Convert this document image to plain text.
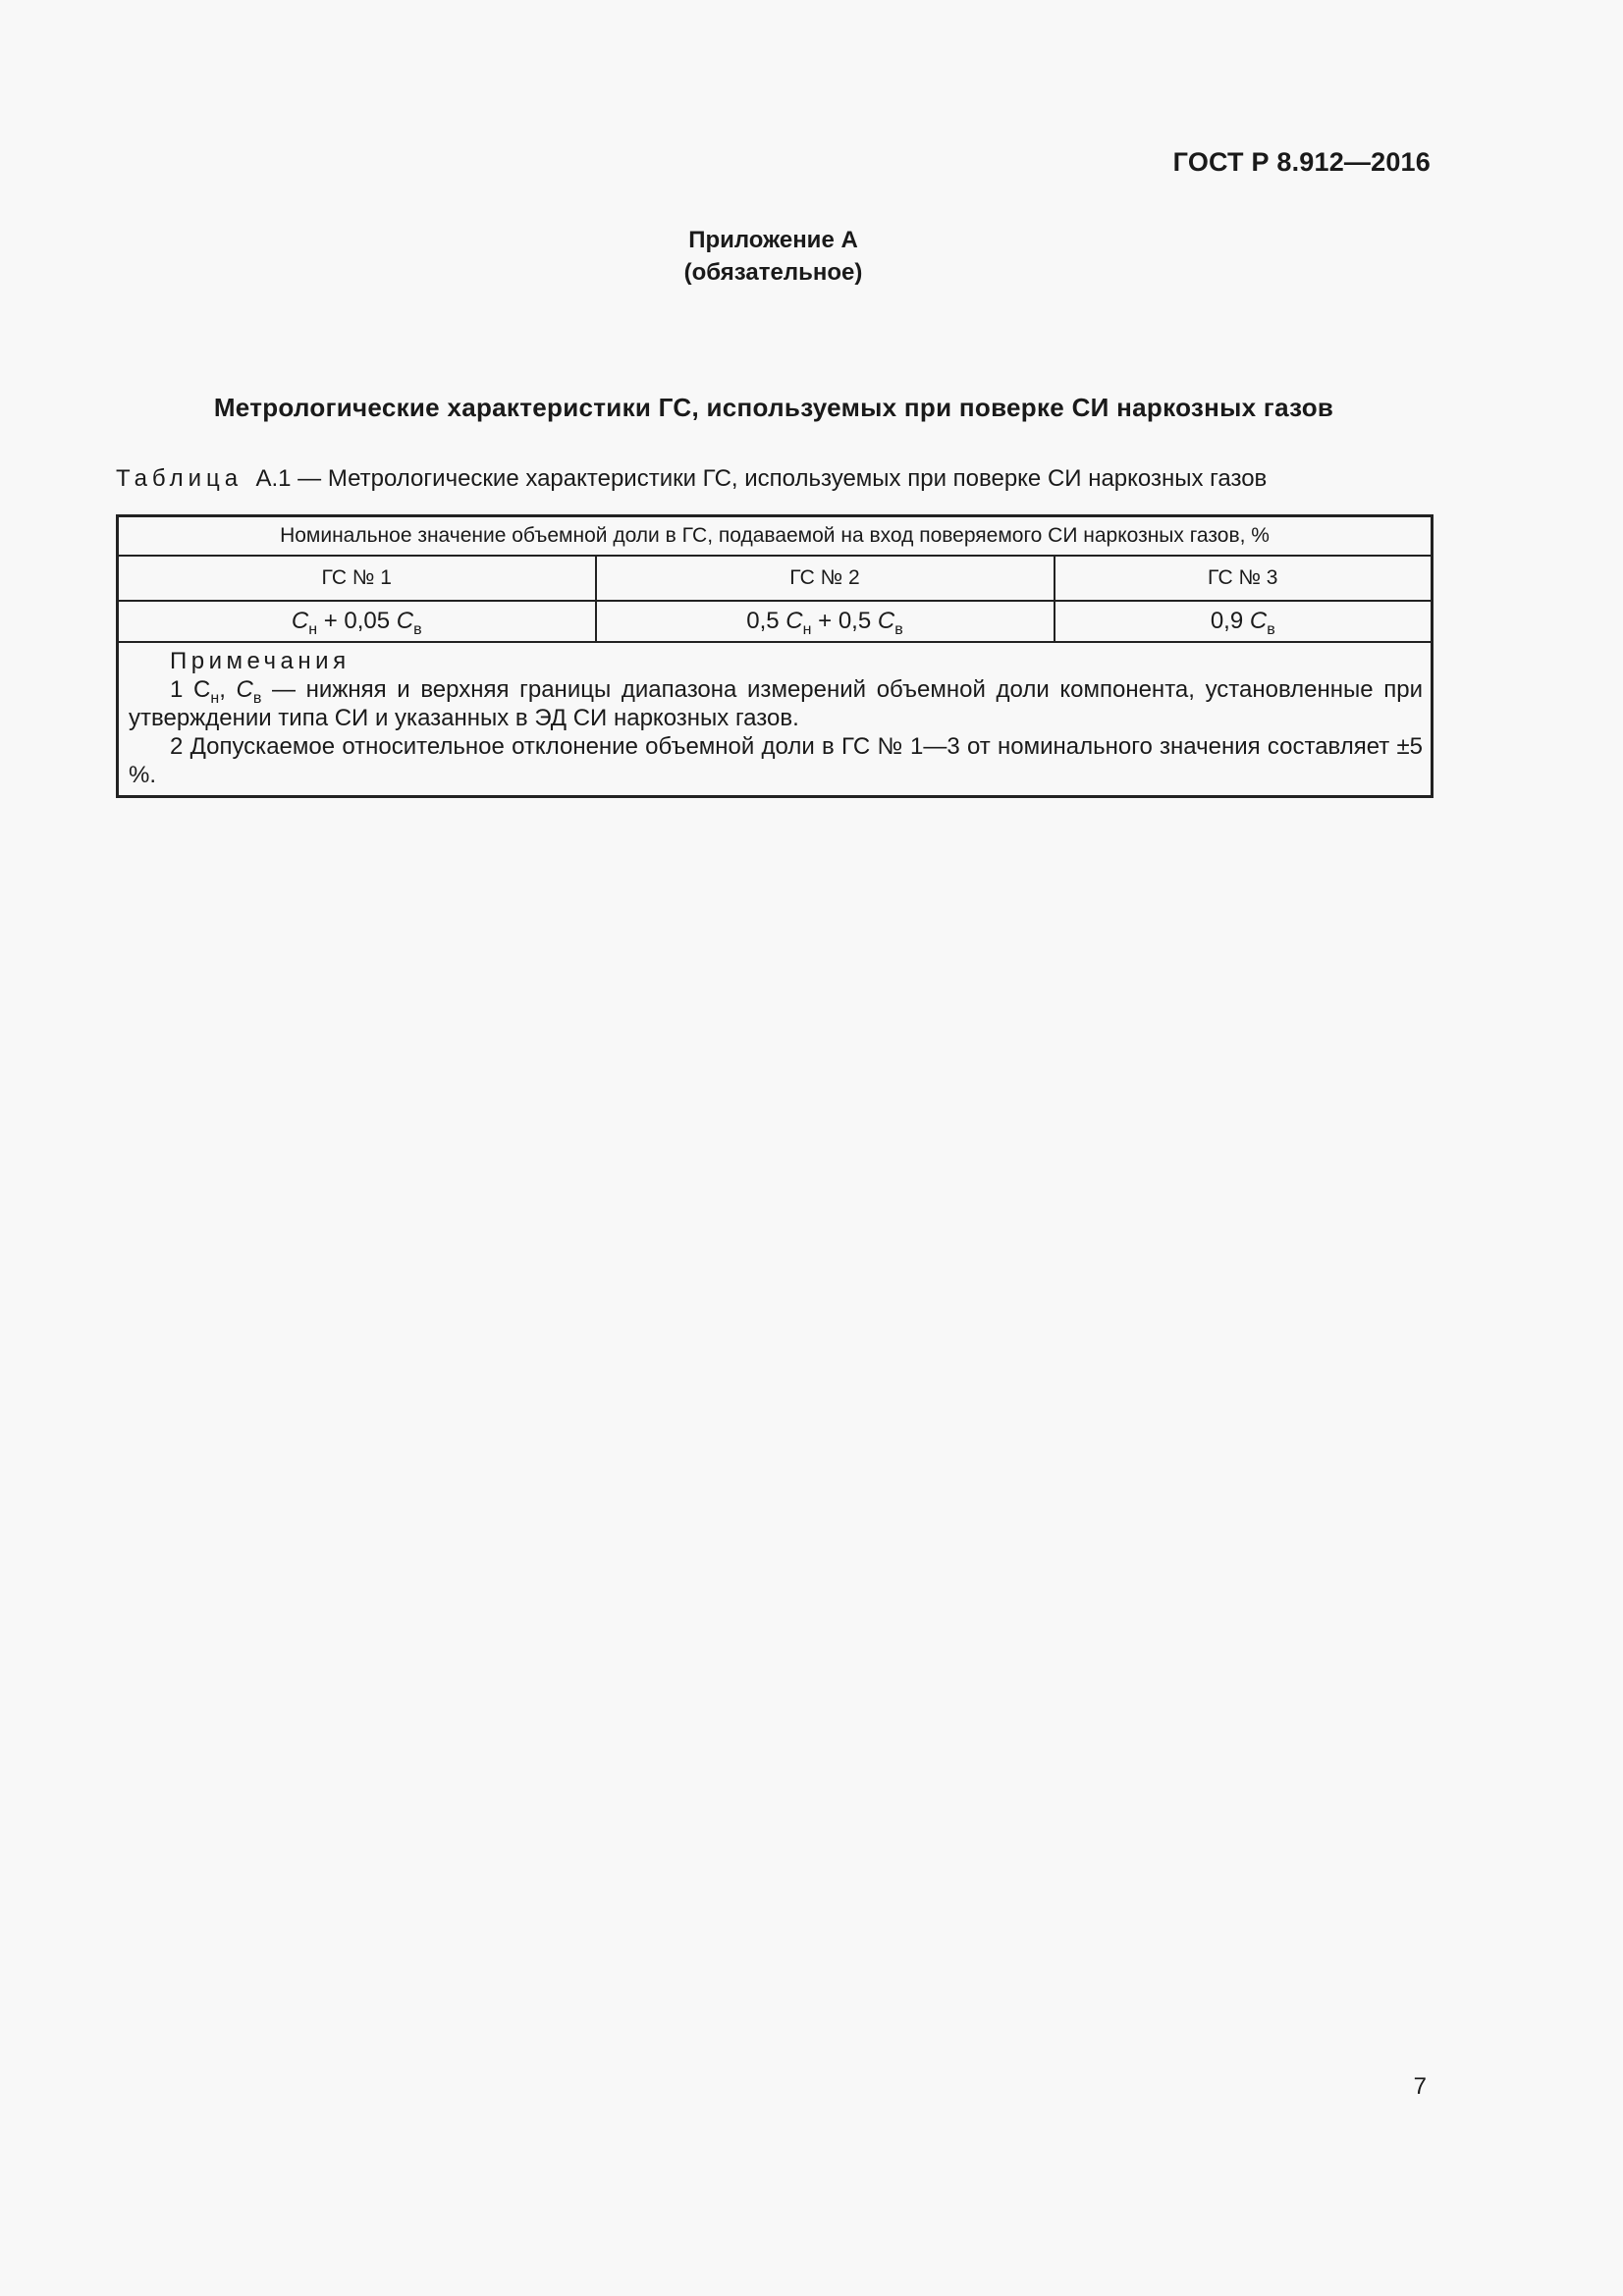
ГОСТ Р 8.912—2016
Приложение А
(обязательное)
Метрологические характеристики ГС, используемых при поверке СИ наркозных газов
Таблица А.1 — Метрологические характеристики ГС, используемых при поверке СИ наркозных газов
Номинальное значение объемной доли в ГС, подаваемой на вход поверяемого СИ наркозных газов, %		
ГС № 1	ГС № 2	ГС № 3
$C_н + 0,05$ $C_в$	0,5 $C_н + 0,5$ $C_в$	0,9 $C_в$

Примечания
1 $С_н$, $С_в$ — нижняя и верхняя границы диапазона измерений объемной доли компонента, установленные при утверждении типа СИ и указанных в ЭД СИ наркозных газов.
2 Допускаемое относительное отклонение объемной доли в ГС № 1—3 от номинального значения составляет ±5 %.		
7
